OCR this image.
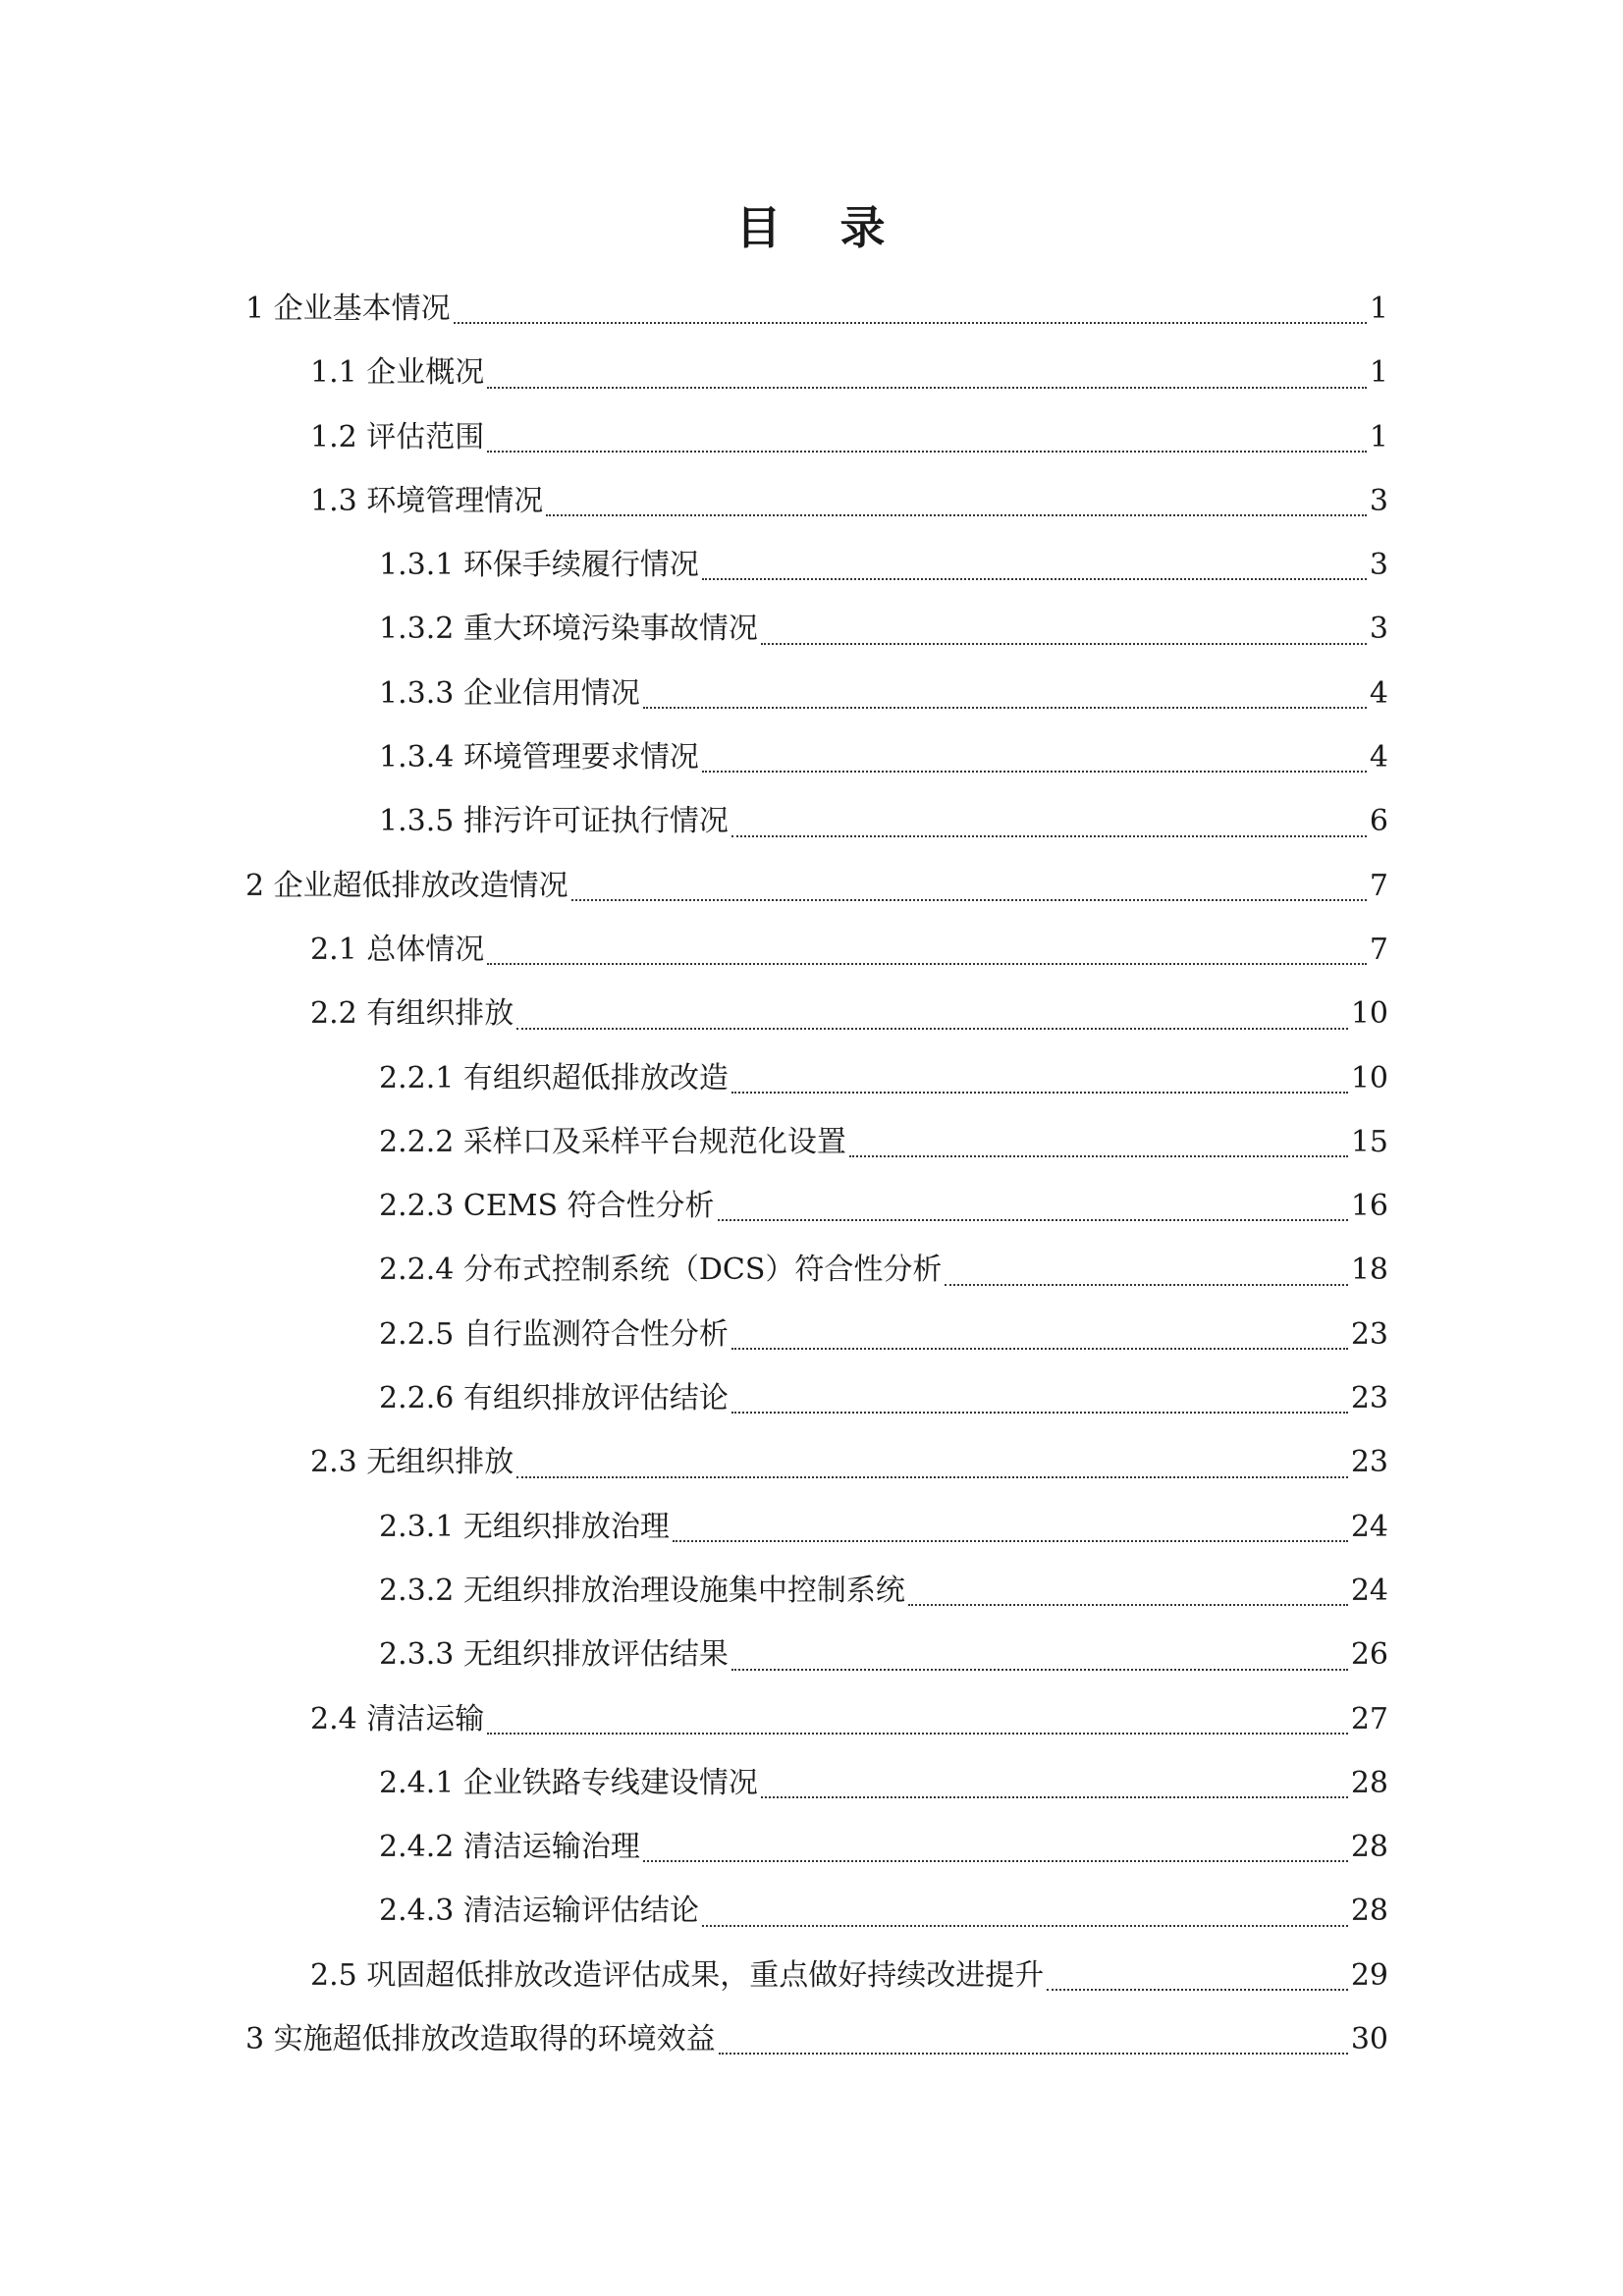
目 录
1 企业基本情况	1
1.1 企业概况	1
1.2 评估范围	1
1.3 环境管理情况	3
1.3.1 环保手续履行情况	3
1.3.2 重大环境污染事故情况	3
1.3.3 企业信用情况	4
1.3.4 环境管理要求情况	4
1.3.5 排污许可证执行情况	6
2 企业超低排放改造情况	7
2.1 总体情况	7
2.2 有组织排放	10
2.2.1 有组织超低排放改造	10
2.2.2 采样口及采样平台规范化设置	15
2.2.3 CEMS 符合性分析	16
2.2.4 分布式控制系统（DCS）符合性分析	18
2.2.5 自行监测符合性分析	23
2.2.6 有组织排放评估结论	23
2.3 无组织排放	23
2.3.1 无组织排放治理	24
2.3.2 无组织排放治理设施集中控制系统	24
2.3.3 无组织排放评估结果	26
2.4 清洁运输	27
2.4.1 企业铁路专线建设情况	28
2.4.2 清洁运输治理	28
2.4.3 清洁运输评估结论	28
2.5 巩固超低排放改造评估成果，重点做好持续改进提升	29
3 实施超低排放改造取得的环境效益	30
